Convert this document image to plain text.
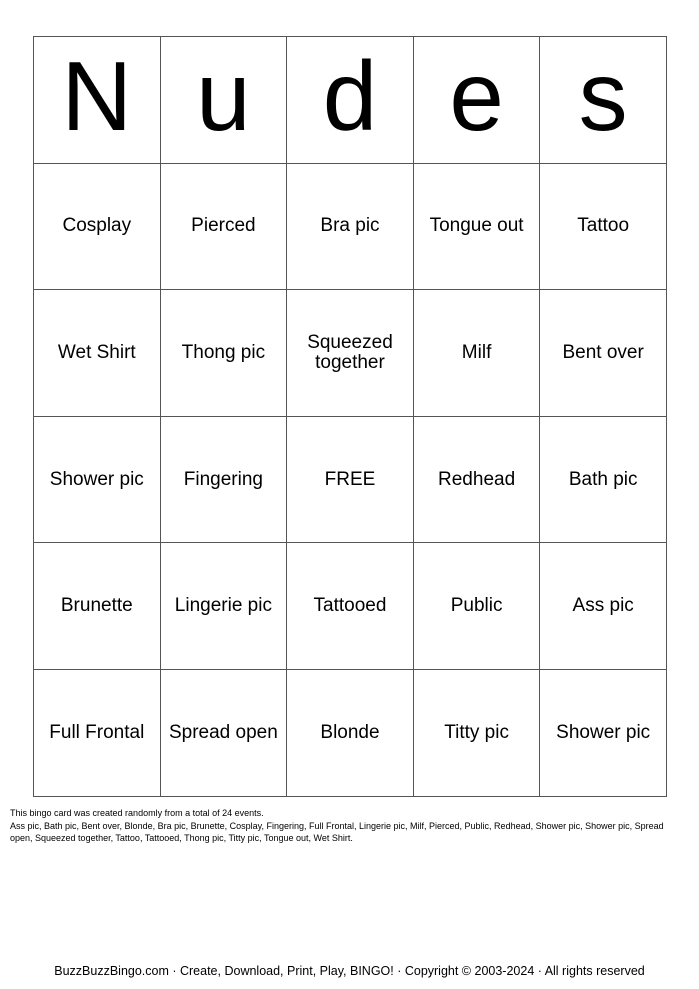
N	u	d	e	s
Cosplay	Pierced	Bra pic	Tongue out	Tattoo
Wet Shirt	Thong pic	Squeezed together	Milf	Bent over
Shower pic	Fingering	FREE	Redhead	Bath pic
Brunette	Lingerie pic	Tattooed	Public	Ass pic
Full Frontal	Spread open	Blonde	Titty pic	Shower pic

This bingo card was created randomly from a total of 24 events.

Ass pic, Bath pic, Bent over, Blonde, Bra pic, Brunette, Cosplay, Fingering, Full Frontal, Lingerie pic, Milf, Pierced, Public, Redhead, Shower pic, Shower pic, Spread open, Squeezed together, Tattoo, Tattooed, Thong pic, Titty pic, Tongue out, Wet Shirt.

BuzzBuzzBingo.com · Create, Download, Print, Play, BINGO! · Copyright © 2003-2024 · All rights reserved
